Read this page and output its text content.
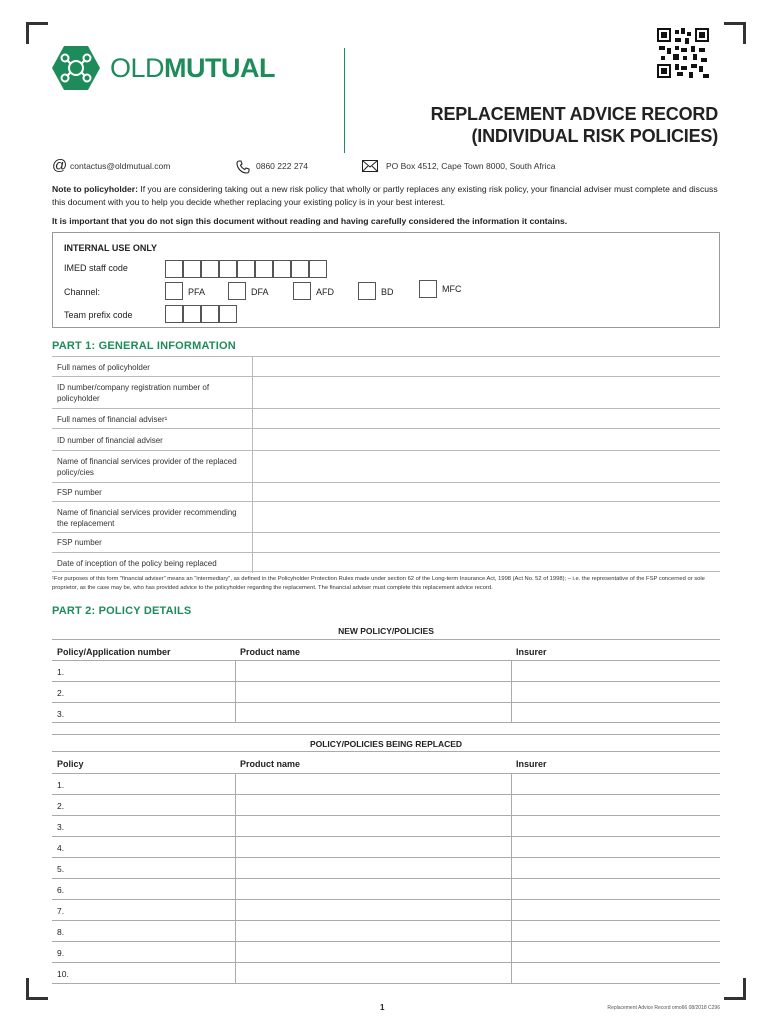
OLDMUTUAL
REPLACEMENT ADVICE RECORD
(INDIVIDUAL RISK POLICIES)
@ contactus@oldmutual.com	0860 222 274	PO Box 4512, Cape Town 8000, South Africa
Note to policyholder: If you are considering taking out a new risk policy that wholly or partly replaces any existing risk policy, your financial adviser must complete and discuss this document with you to help you decide whether replacing your existing policy is in your best interest.
It is important that you do not sign this document without reading and having carefully considered the information it contains.
INTERNAL USE ONLY
IMED staff code
Channel:
Team prefix code
PFA	DFA	AFD	BD	MFC
PART 1: GENERAL INFORMATION
Full names of policyholder
ID number/company registration number of policyholder
Full names of financial adviser¹
ID number of financial adviser
Name of financial services provider of the replaced policy/cies
FSP number
Name of financial services provider recommending the replacement
FSP number
Date of inception of the policy being replaced
¹For purposes of this form "financial adviser" means an "intermediary", as defined in the Policyholder Protection Rules made under section 62 of the Long-term Insurance Act, 1998 (Act No. 52 of 1998); – i.e. the representative of the FSP concerned or sole proprietor, as the case may be, who has provided advice to the policyholder regarding the replacement. The financial adviser must complete this replacement advice record.
PART 2: POLICY DETAILS
NEW POLICY/POLICIES
Policy/Application number	Product name	Insurer
1.
2.
3.
POLICY/POLICIES BEING REPLACED
Policy	Product name	Insurer
1.
2.
3.
4.
5.
6.
7.
8.
9.
10.
1	Replacement Advice Record omo66 08/2018 C296
